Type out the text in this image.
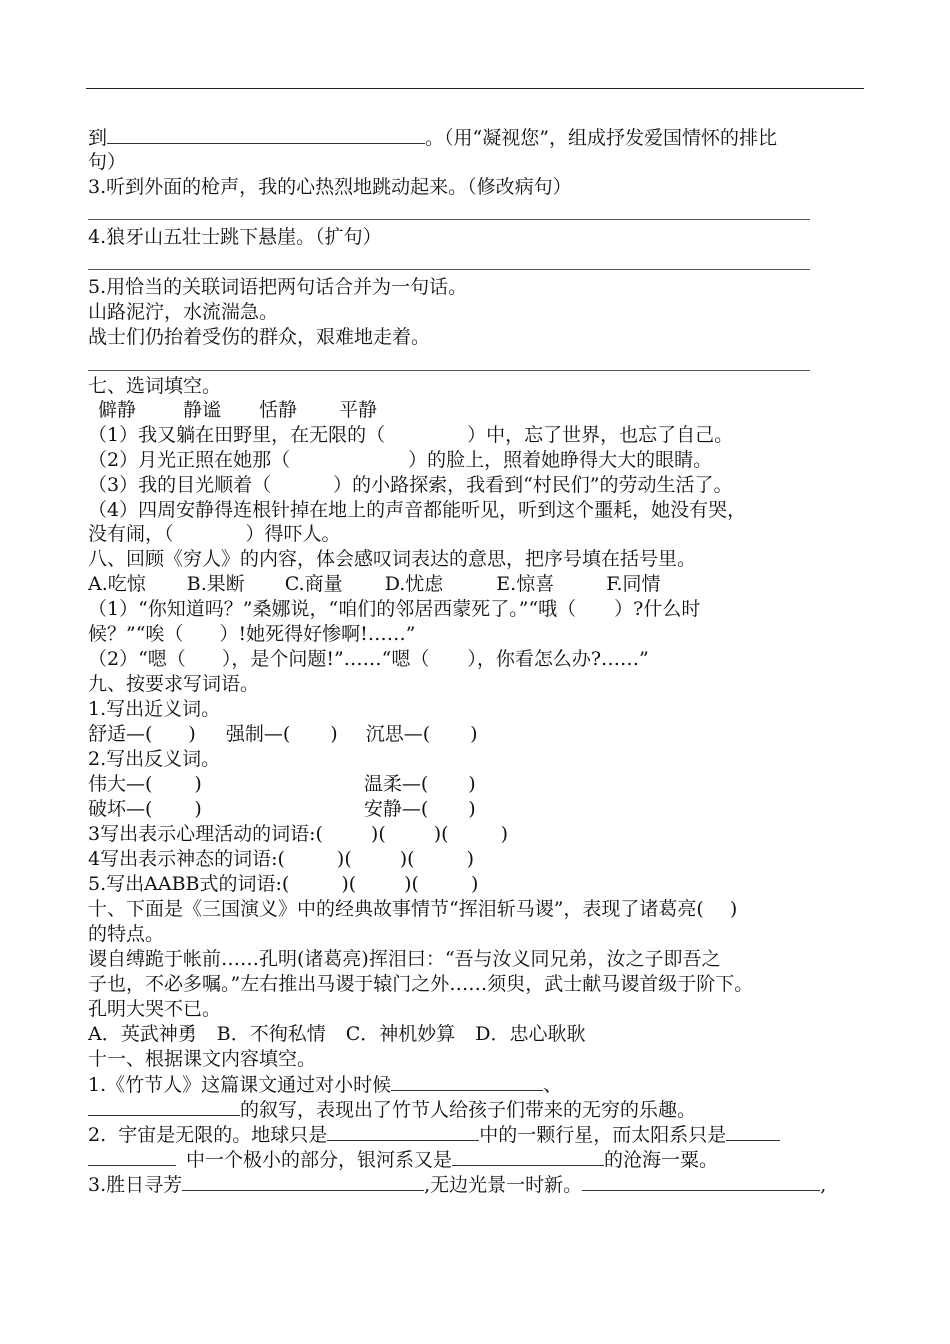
到	。（用“凝视您”，组成抒发爱国情怀的排比
句）
3.听到外面的枪声，我的心热烈地跳动起来。（修改病句）
4.狼牙山五壮士跳下悬崖。（扩句）
5.用恰当的关联词语把两句话合并为一句话。
山路泥泞，水流湍急。
战士们仍抬着受伤的群众，艰难地走着。
七、选词填空。
僻静 静谧 恬静 平静
（1）我又躺在田野里，在无限的（	）中，忘了世界，也忘了自己。
（2）月光正照在她那（	）的脸上，照着她睁得大大的眼睛。
（3）我的目光顺着（	）的小路探索，我看到“村民们”的劳动生活了。
（4）四周安静得连根针掉在地上的声音都能听见，听到这个噩耗，她没有哭，
没有闹，（	）得吓人。
八、回顾《穷人》的内容，体会感叹词表达的意思，把序号填在括号里。
A.吃惊 B.果断 C.商量 D.忧虑	E.惊喜	F.同情
（1）“你知道吗？”桑娜说，“咱们的邻居西蒙死了。”“哦（ ）?什么时
候？”“唉（ ）!她死得好惨啊!……”
（2）“嗯（ ），是个问题!”……“嗯（ ），你看怎么办?……”
九、按要求写词语。
1.写出近义词。
舒适—( ) 强制—( ) 沉思—( )
2.写出反义词。
伟大—( )	温柔—( )
破坏—( )	安静—( )
3写出表示心理活动的词语:(	)(	)(	)
4写出表示神态的词语:(	)(	)(	)
5.写出AABB式的词语:(	)(	)(	)
十、下面是《三国演义》中的经典故事情节“挥泪斩马谡”，表现了诸葛亮( )
的特点。
谡自缚跪于帐前……孔明(诸葛亮)挥泪曰：“吾与汝义同兄弟，汝之子即吾之
子也，不必多嘱。”左右推出马谡于辕门之外……须臾，武士献马谡首级于阶下。
孔明大哭不已。
A．英武神勇 B．不徇私情 C．神机妙算 D．忠心耿耿
十一、根据课文内容填空。
1.《竹节人》这篇课文通过对小时候	、
的叙写，表现出了竹节人给孩子们带来的无穷的乐趣。
2.  宇宙是无限的。地球只是	中的一颗行星，而太阳系只是
中一个极小的部分，银河系又是	的沧海一粟。
3.胜日寻芳	,无边光景一时新。	,
